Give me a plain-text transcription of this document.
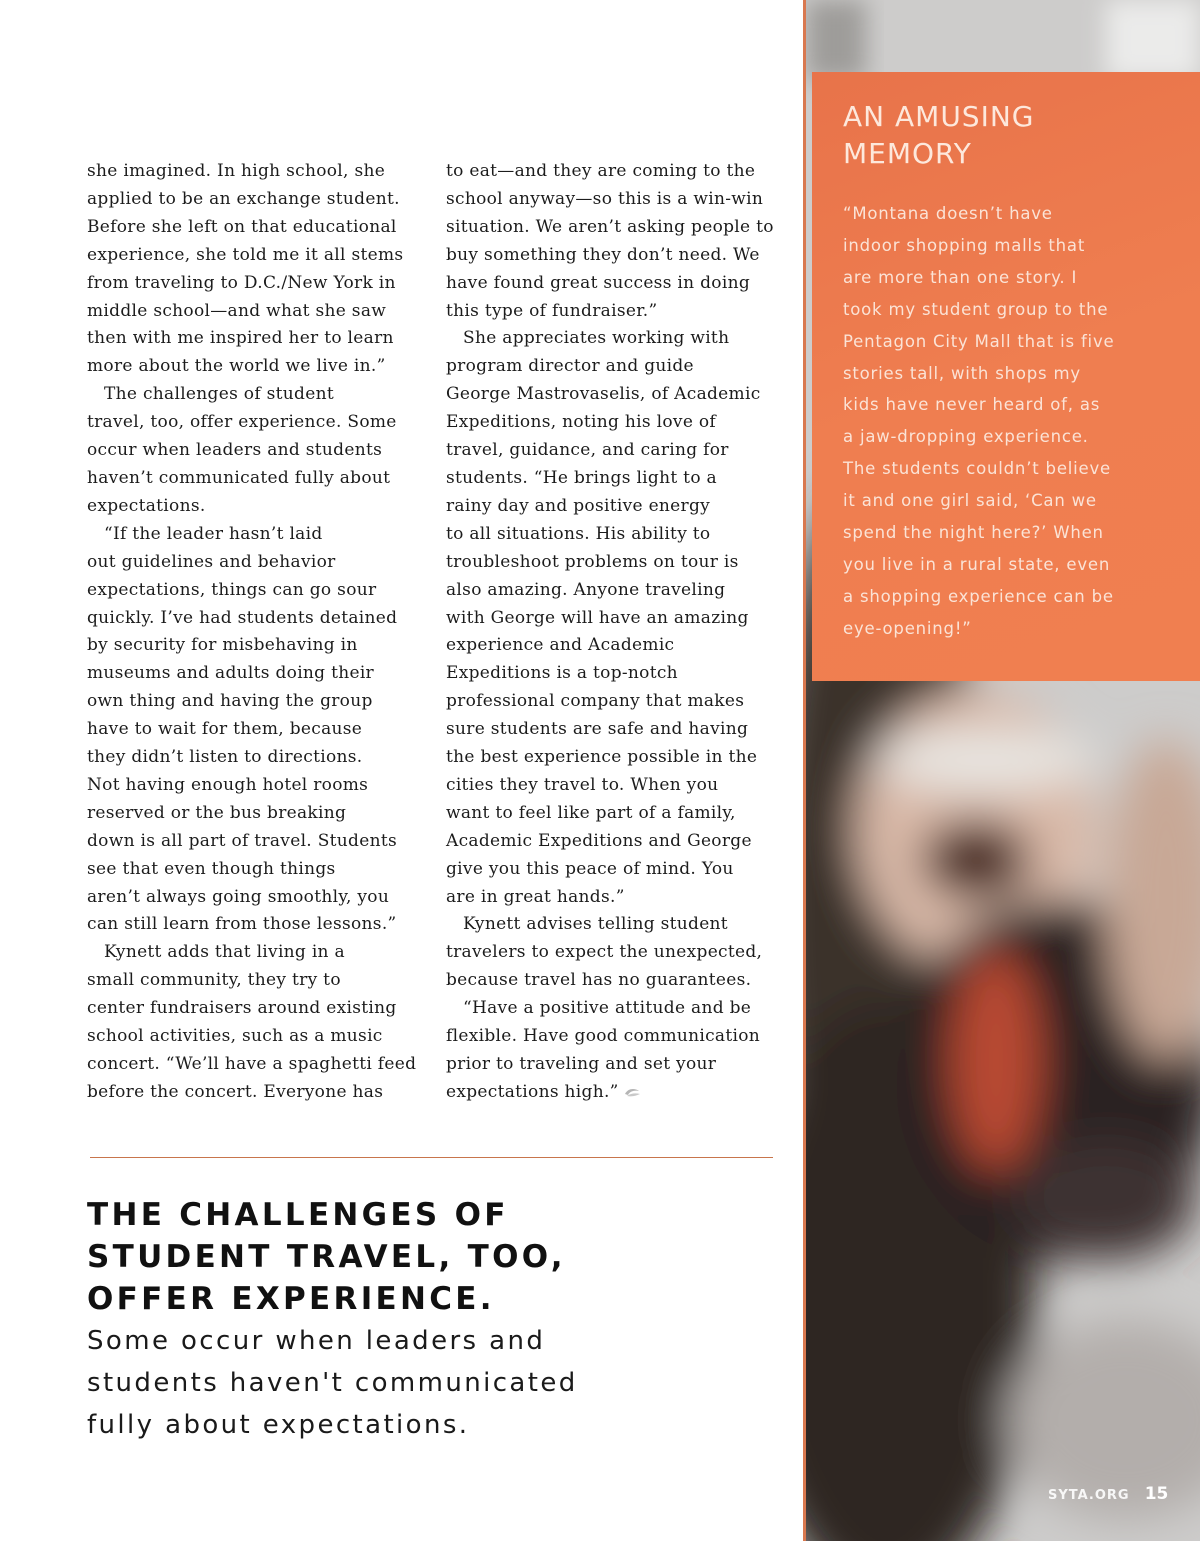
she imagined. In high school, she
applied to be an exchange student.
Before she left on that educational
experience, she told me it all stems
from traveling to D.C./New York in
middle school—and what she saw
then with me inspired her to learn
more about the world we live in.”

The challenges of student
travel, too, offer experience. Some
occur when leaders and students
haven’t communicated fully about
expectations.

“If the leader hasn’t laid
out guidelines and behavior
expectations, things can go sour
quickly. I’ve had students detained
by security for misbehaving in
museums and adults doing their
own thing and having the group
have to wait for them, because
they didn’t listen to directions.
Not having enough hotel rooms
reserved or the bus breaking
down is all part of travel. Students
see that even though things
aren’t always going smoothly, you
can still learn from those lessons.”

Kynett adds that living in a
small community, they try to
center fundraisers around existing
school activities, such as a music
concert. “We’ll have a spaghetti feed
before the concert. Everyone has

to eat—and they are coming to the
school anyway—so this is a win-win
situation. We aren’t asking people to
buy something they don’t need. We
have found great success in doing
this type of fundraiser.”

She appreciates working with
program director and guide
George Mastrovaselis, of Academic
Expeditions, noting his love of
travel, guidance, and caring for
students. “He brings light to a
rainy day and positive energy
to all situations. His ability to
troubleshoot problems on tour is
also amazing. Anyone traveling
with George will have an amazing
experience and Academic
Expeditions is a top-notch
professional company that makes
sure students are safe and having
the best experience possible in the
cities they travel to. When you
want to feel like part of a family,
Academic Expeditions and George
give you this peace of mind. You
are in great hands.”

Kynett advises telling student
travelers to expect the unexpected,
because travel has no guarantees.

“Have a positive attitude and be
flexible. Have good communication
prior to traveling and set your
expectations high.”

THE CHALLENGES OF
STUDENT TRAVEL, TOO,
OFFER EXPERIENCE.
Some occur when leaders and
students haven't communicated
fully about expectations.
AN AMUSING
MEMORY
“Montana doesn’t have
indoor shopping malls that
are more than one story. I
took my student group to the
Pentagon City Mall that is five
stories tall, with shops my
kids have never heard of, as
a jaw-dropping experience.
The students couldn’t believe
it and one girl said, ‘Can we
spend the night here?’ When
you live in a rural state, even
a shopping experience can be
eye-opening!”
SYTA.ORG 15
